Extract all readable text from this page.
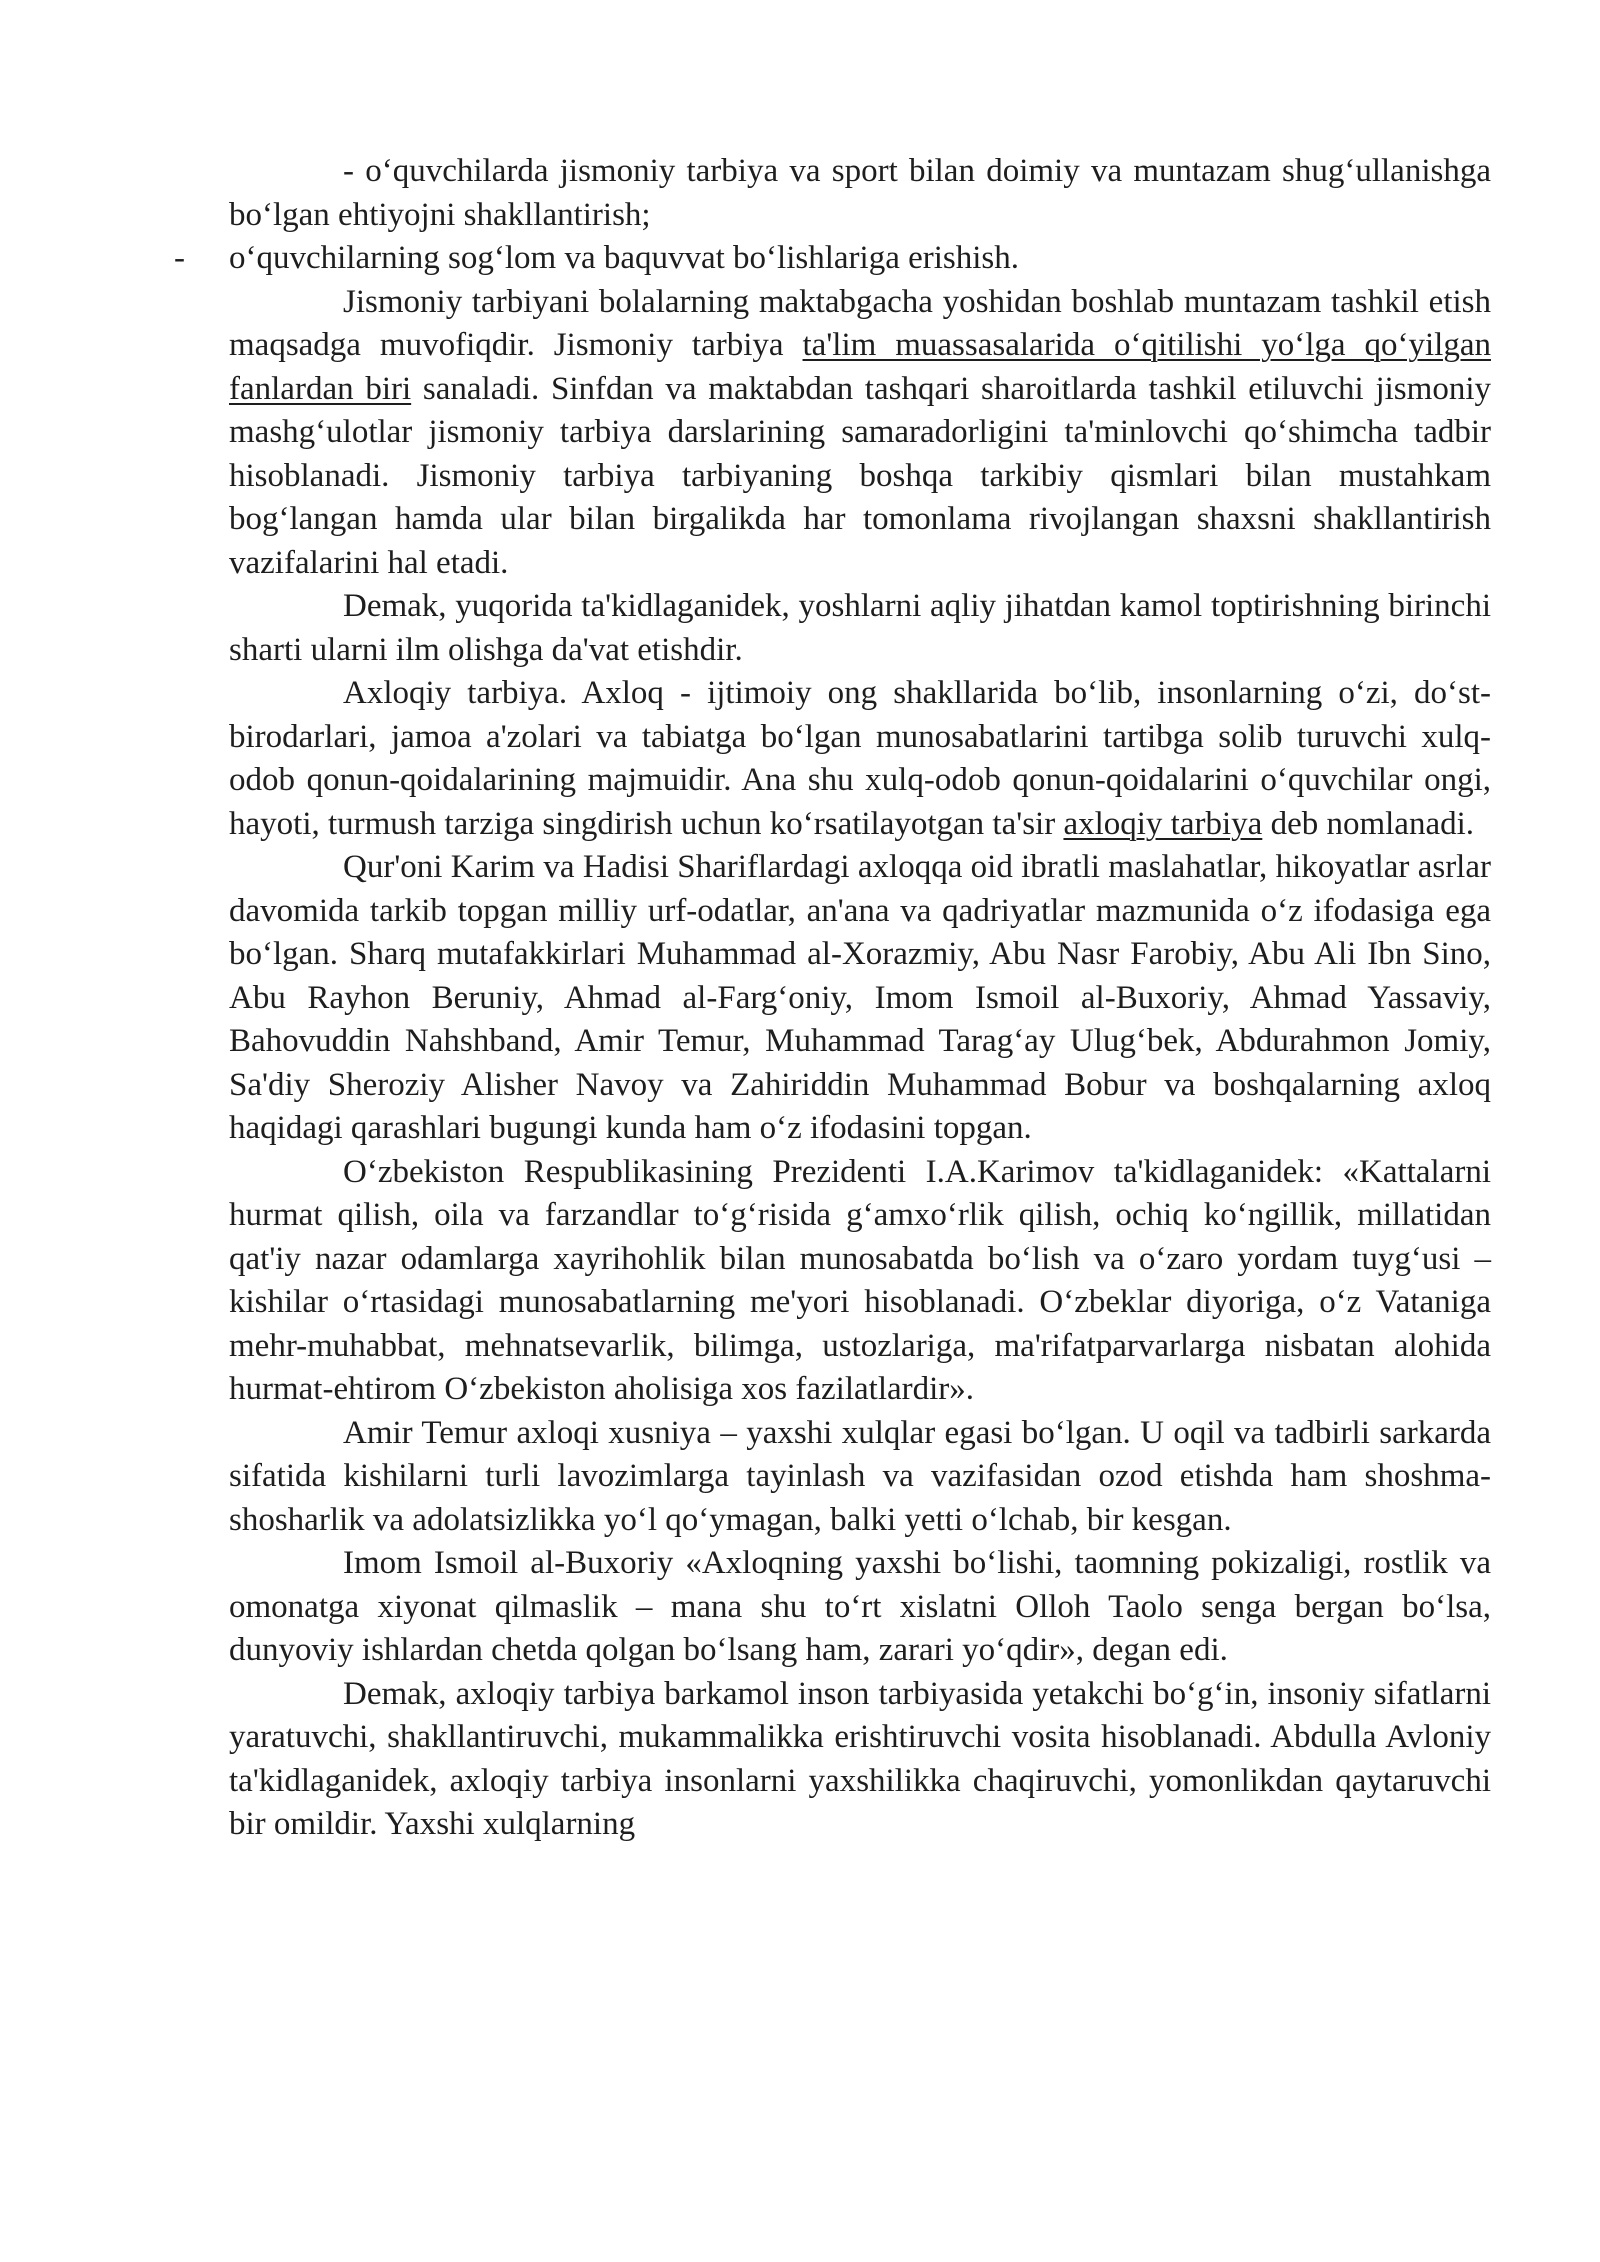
- o‘quvchilarda jismoniy tarbiya va sport bilan doimiy va muntazam shug‘ullanishga bo‘lgan ehtiyojni shakllantirish;

- o‘quvchilarning sog‘lom va baquvvat bo‘lishlariga erishish.

Jismoniy tarbiyani bolalarning maktabgacha yoshidan boshlab muntazam tashkil etish maqsadga muvofiqdir. Jismoniy tarbiya ta'lim muassasalarida o‘qitilishi yo‘lga qo‘yilgan fanlardan biri sanaladi. Sinfdan va maktabdan tashqari sharoitlarda tashkil etiluvchi jismoniy mashg‘ulotlar jismoniy tarbiya darslarining samaradorligini ta'minlovchi qo‘shimcha tadbir hisoblanadi. Jismoniy tarbiya tarbiyaning boshqa tarkibiy qismlari bilan mustahkam bog‘langan hamda ular bilan birgalikda har tomonlama rivojlangan shaxsni shakllantirish vazifalarini hal etadi.

Demak, yuqorida ta'kidlaganidek, yoshlarni aqliy jihatdan kamol toptirishning birinchi sharti ularni ilm olishga da'vat etishdir.

Axloqiy tarbiya. Axloq - ijtimoiy ong shakllarida bo‘lib, insonlarning o‘zi, do‘st-birodarlari, jamoa a'zolari va tabiatga bo‘lgan munosabatlarini tartibga solib turuvchi xulq-odob qonun-qoidalarining majmuidir. Ana shu xulq-odob qonun-qoidalarini o‘quvchilar ongi, hayoti, turmush tarziga singdirish uchun ko‘rsatilayotgan ta'sir axloqiy tarbiya deb nomlanadi.

Qur'oni Karim va Hadisi Shariflardagi axloqqa oid ibratli maslahatlar, hikoyatlar asrlar davomida tarkib topgan milliy urf-odatlar, an'ana va qadriyatlar mazmunida o‘z ifodasiga ega bo‘lgan. Sharq mutafakkirlari Muhammad al-Xorazmiy, Abu Nasr Farobiy, Abu Ali Ibn Sino, Abu Rayhon Beruniy, Ahmad al-Farg‘oniy, Imom Ismoil al-Buxoriy, Ahmad Yassaviy, Bahovuddin Nahshband, Amir Temur, Muhammad Tarag‘ay Ulug‘bek, Abdurahmon Jomiy, Sa'diy Sheroziy Alisher Navoy va Zahiriddin Muhammad Bobur va boshqalarning axloq haqidagi qarashlari bugungi kunda ham o‘z ifodasini topgan.

O‘zbekiston Respublikasining Prezidenti I.A.Karimov ta'kidlaganidek: «Kattalarni hurmat qilish, oila va farzandlar to‘g‘risida g‘amxo‘rlik qilish, ochiq ko‘ngillik, millatidan qat'iy nazar odamlarga xayrihohlik bilan munosabatda bo‘lish va o‘zaro yordam tuyg‘usi – kishilar o‘rtasidagi munosabatlarning me'yori hisoblanadi. O‘zbeklar diyoriga, o‘z Vataniga mehr-muhabbat, mehnatsevarlik, bilimga, ustozlariga, ma'rifatparvarlarga nisbatan alohida hurmat-ehtirom O‘zbekiston aholisiga xos fazilatlardir».

Amir Temur axloqi xusniya – yaxshi xulqlar egasi bo‘lgan. U oqil va tadbirli sarkarda sifatida kishilarni turli lavozimlarga tayinlash va vazifasidan ozod etishda ham shoshma-shosharlik va adolatsizlikka yo‘l qo‘ymagan, balki yetti o‘lchab, bir kesgan.

Imom Ismoil al-Buxoriy «Axloqning yaxshi bo‘lishi, taomning pokizaligi, rostlik va omonatga xiyonat qilmaslik – mana shu to‘rt xislatni Olloh Taolo senga bergan bo‘lsa, dunyoviy ishlardan chetda qolgan bo‘lsang ham, zarari yo‘qdir», degan edi.

Demak, axloqiy tarbiya barkamol inson tarbiyasida yetakchi bo‘g‘in, insoniy sifatlarni yaratuvchi, shakllantiruvchi, mukammalikka erishtiruvchi vosita hisoblanadi. Abdulla Avloniy ta'kidlaganidek, axloqiy tarbiya insonlarni yaxshilikka chaqiruvchi, yomonlikdan qaytaruvchi bir omildir. Yaxshi xulqlarning
